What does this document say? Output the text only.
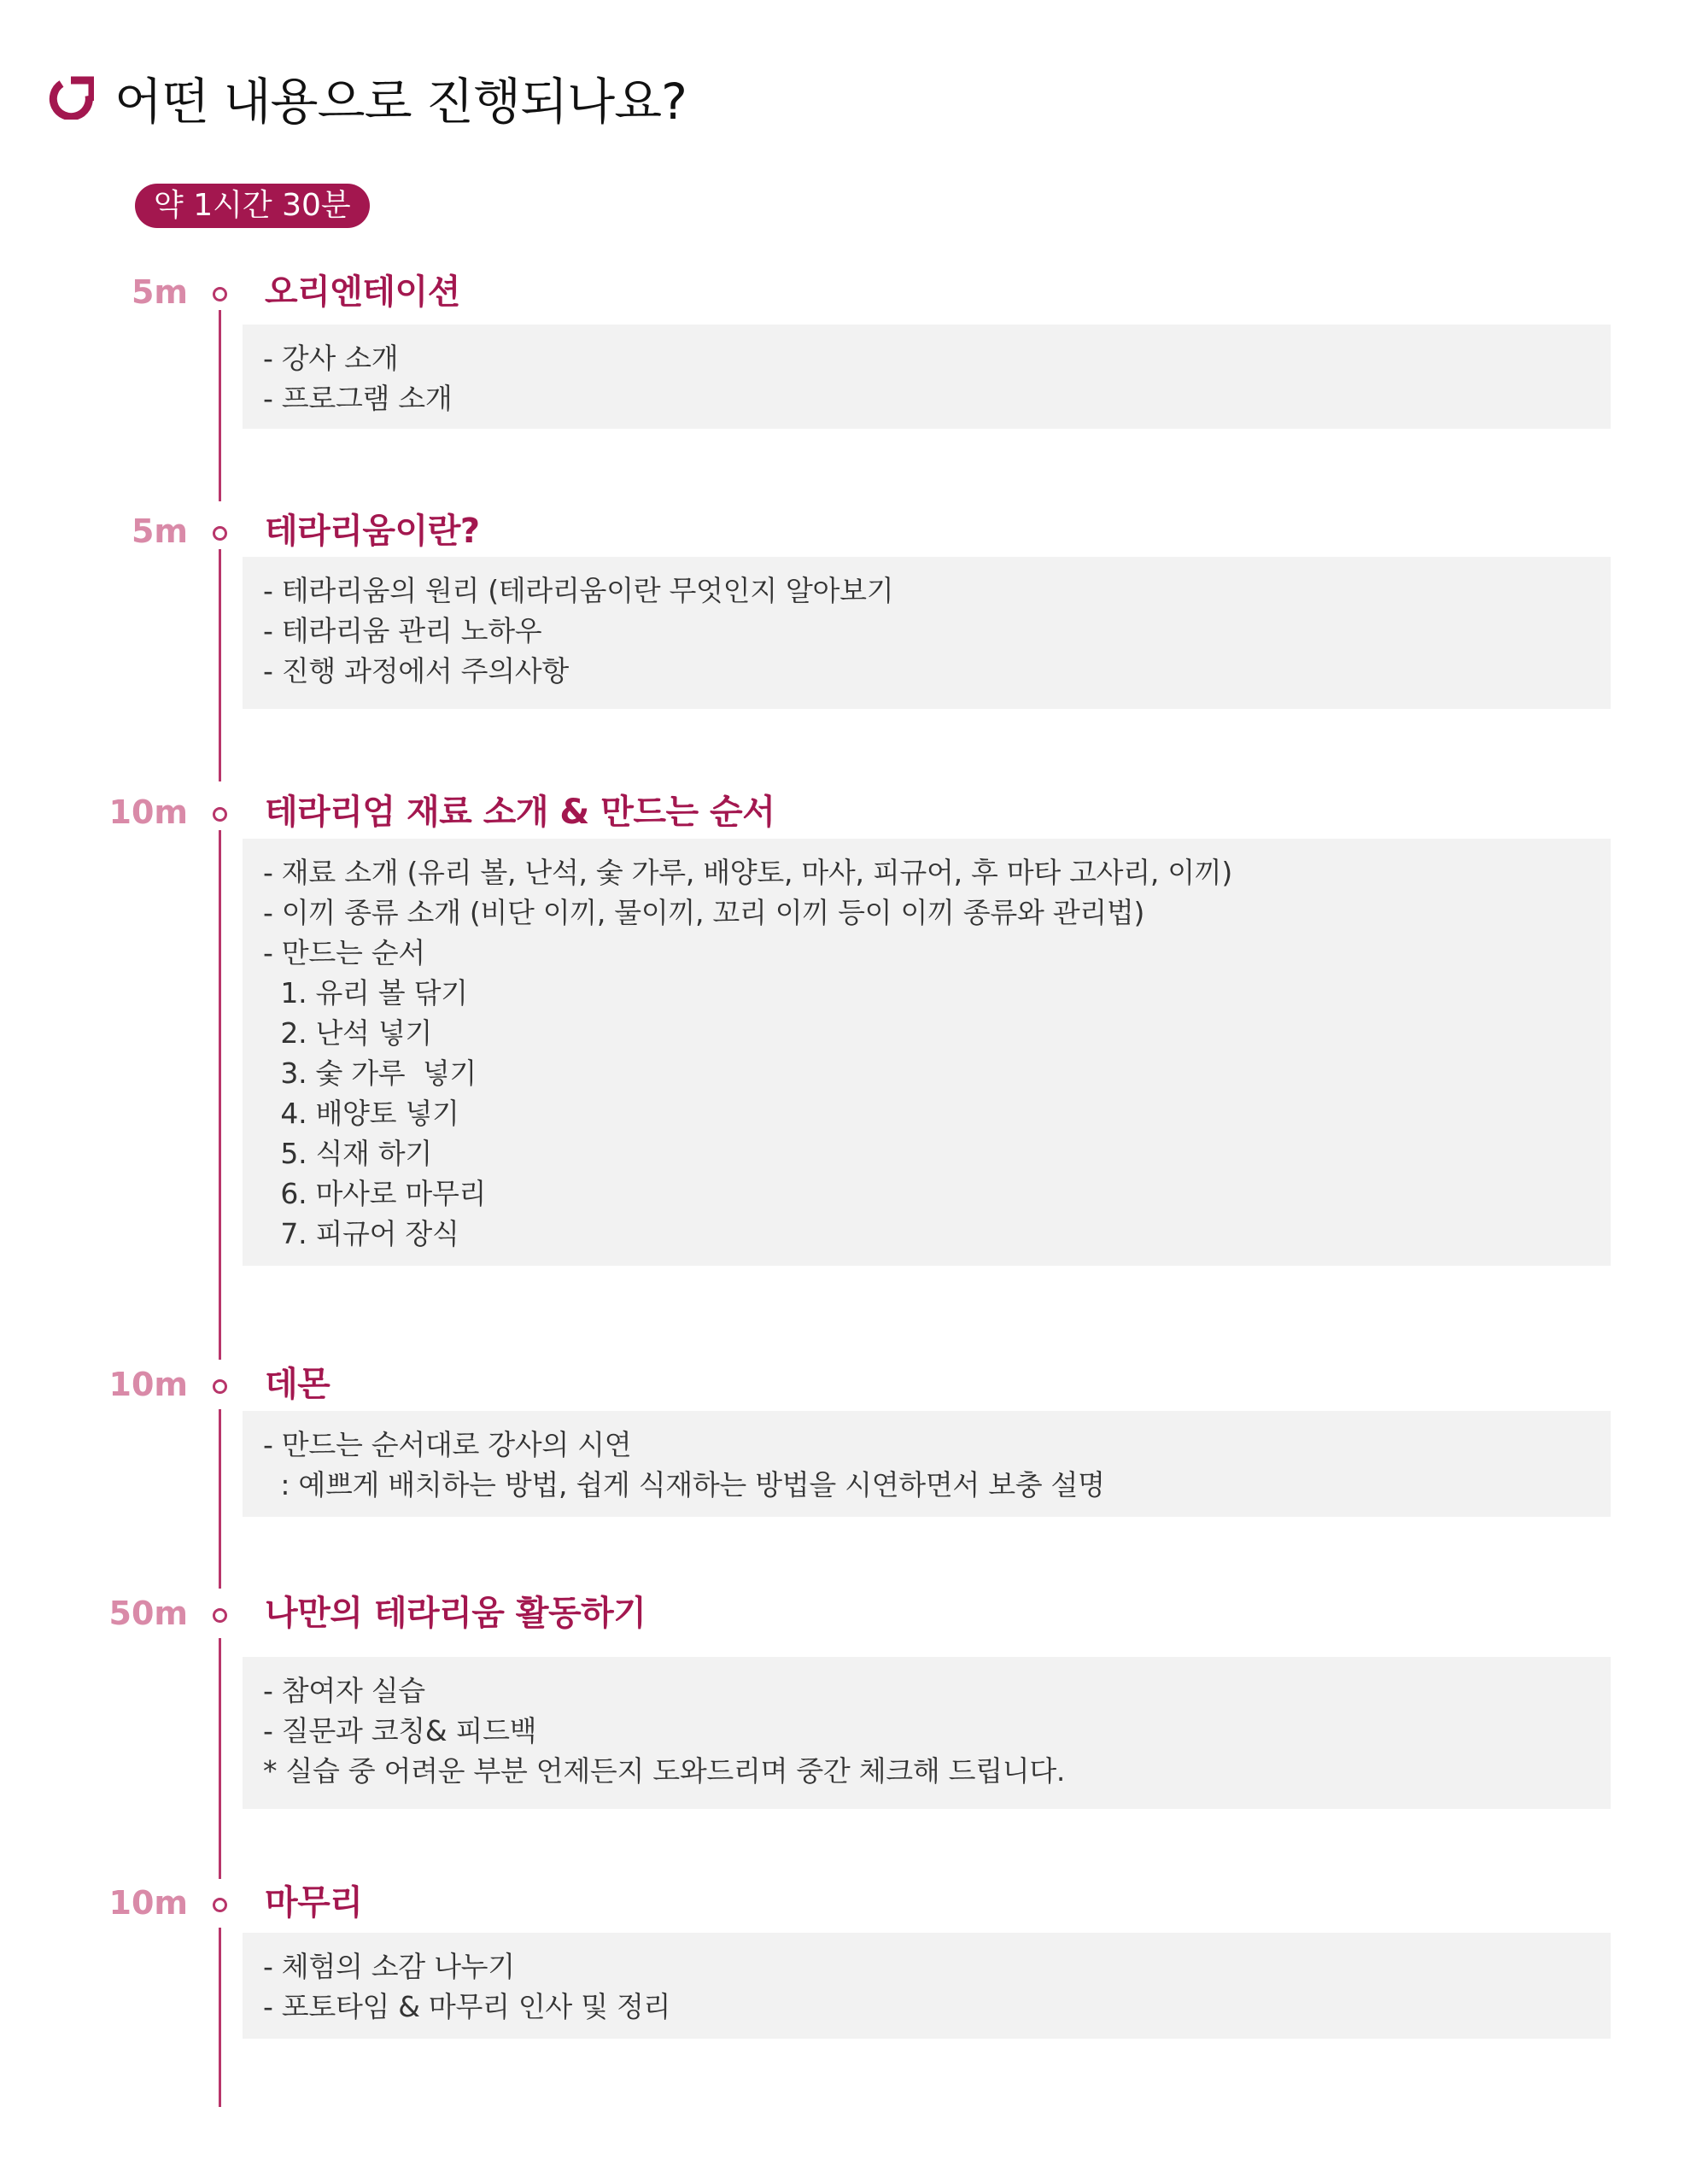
어떤 내용으로 진행되나요?
약 1시간 30분
5m 오리엔테이션
- 강사 소개
- 프로그램 소개
5m 테라리움이란?
- 테라리움의 원리 (테라리움이란 무엇인지 알아보기
- 테라리움 관리 노하우
- 진행 과정에서 주의사항
10m 테라리엄 재료 소개 & 만드는 순서
- 재료 소개 (유리 볼, 난석, 숯 가루, 배양토, 마사, 피규어, 후 마타 고사리, 이끼)
- 이끼 종류 소개 (비단 이끼, 물이끼, 꼬리 이끼 등이 이끼 종류와 관리법)
- 만드는 순서
1. 유리 볼 닦기
2. 난석 넣기
3. 숯 가루  넣기
4. 배양토 넣기
5. 식재 하기
6. 마사로 마무리
7. 피규어 장식
10m 데몬
- 만드는 순서대로 강사의 시연
: 예쁘게 배치하는 방법, 쉽게 식재하는 방법을 시연하면서 보충 설명
50m 나만의 테라리움 활동하기
- 참여자 실습
- 질문과 코칭& 피드백
* 실습 중 어려운 부분 언제든지 도와드리며 중간 체크해 드립니다.
10m 마무리
- 체험의 소감 나누기
- 포토타임 & 마무리 인사 및 정리
